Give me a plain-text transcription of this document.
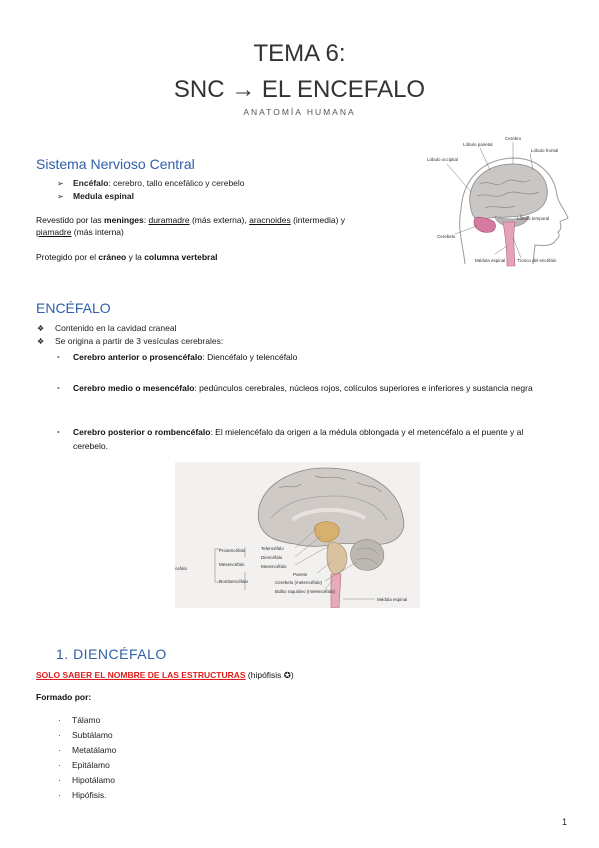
TEMA 6:
SNC → EL ENCEFALO
ANATOMÍA HUMANA
Sistema Nervioso Central
➢ Encéfalo: cerebro, tallo encefálico y cerebelo
➢ Medula espinal
Revestido por las meninges: duramadre (más externa), aracnoides (intermedia) y
piamadre (más interna)
Protegido por el cráneo y la columna vertebral
Cerebro
Lóbulo parietal
Lóbulo frontal
Lóbulo occipital
Lóbulo temporal
Cerebelo
Médula espinal	Tronco del encéfalo
ENCÉFALO
❖ Contenido en la cavidad craneal
❖ Se origina a partir de 3 vesículas cerebrales:
- Cerebro anterior o prosencéfalo: Diencéfalo y telencéfalo
- Cerebro medio o mesencéfalo: pedúnculos cerebrales, núcleos rojos, colículos superiores e inferiores y sustancia negra
- Cerebro posterior o rombencéfalo: El mielencéfalo da origen a la médula oblongada y el metencéfalo a el puente y al cerebelo.
cefalo
Prosencéfalo
Mesencéfalo
Rombencéfalo
Telencéfalo
Diencéfalo
Mesencéfalo
Puente
Cerebelo (metencéfalo)
Bulbo raquídeo (mielencéfalo)
Médula espinal
1. DIENCÉFALO
SOLO SABER EL NOMBRE DE LAS ESTRUCTURAS (hipófisis ✪)
Formado por:
· Tálamo
· Subtálamo
· Metatálamo
· Epitálamo
· Hipotálamo
· Hipófisis.
1
